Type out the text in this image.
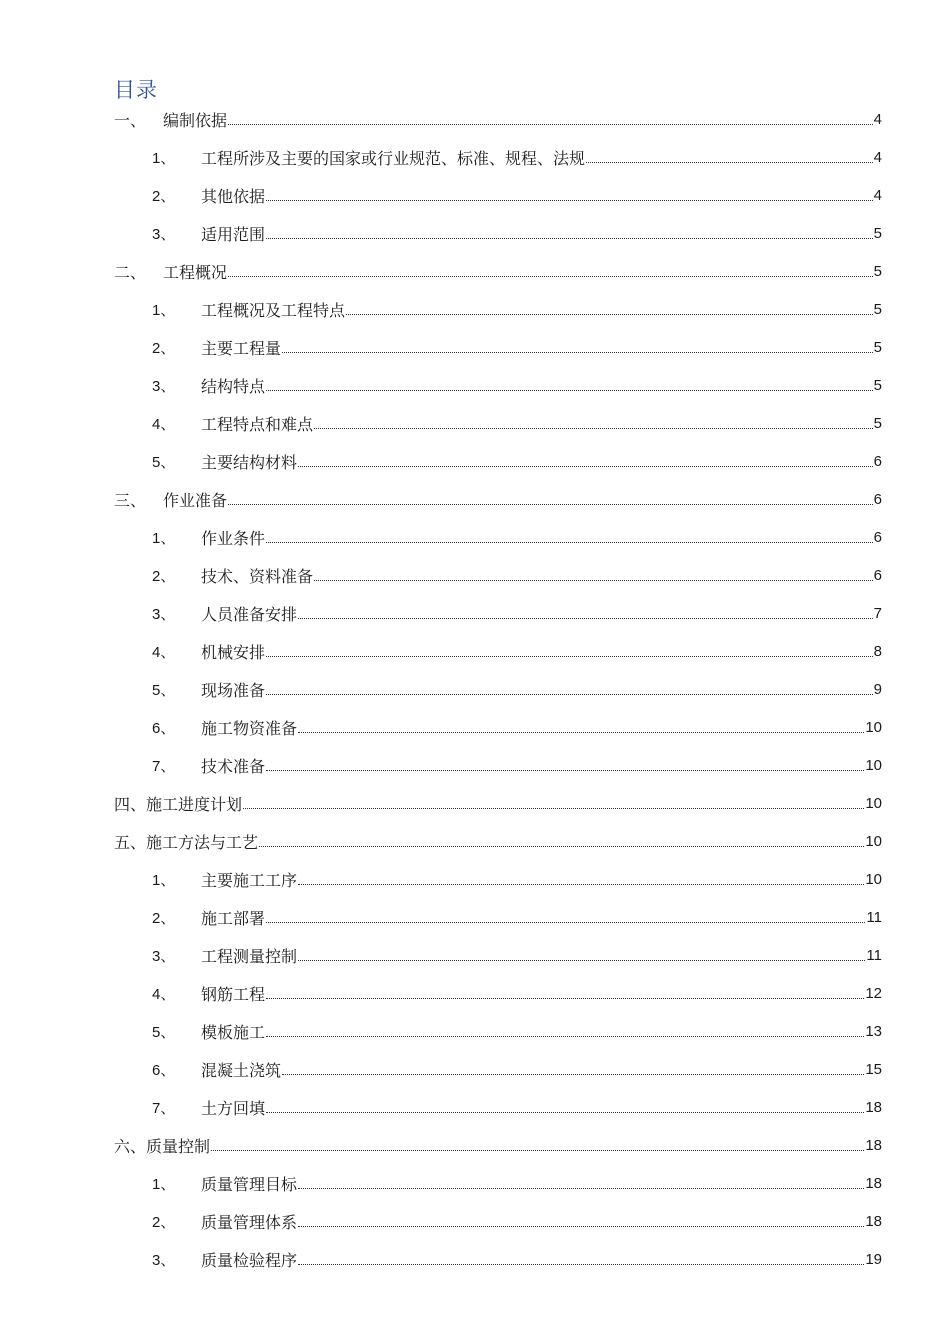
目录
一、	编制依据	4
1、	工程所涉及主要的国家或行业规范、标准、规程、法规	4
2、	其他依据	4
3、	适用范围	5
二、	工程概况	5
1、	工程概况及工程特点	5
2、	主要工程量	5
3、	结构特点	5
4、	工程特点和难点	5
5、	主要结构材料	6
三、	作业准备	6
1、	作业条件	6
2、	技术、资料准备	6
3、	人员准备安排	7
4、	机械安排	8
5、	现场准备	9
6、	施工物资准备	10
7、	技术准备	10
四、 施工进度计划	10
五、 施工方法与工艺	10
1、	主要施工工序	10
2、	施工部署	11
3、	工程测量控制	11
4、	钢筋工程	12
5、	模板施工	13
6、	混凝土浇筑	15
7、	土方回填	18
六、 质量控制	18
1、	质量管理目标	18
2、	质量管理体系	18
3、	质量检验程序	19
